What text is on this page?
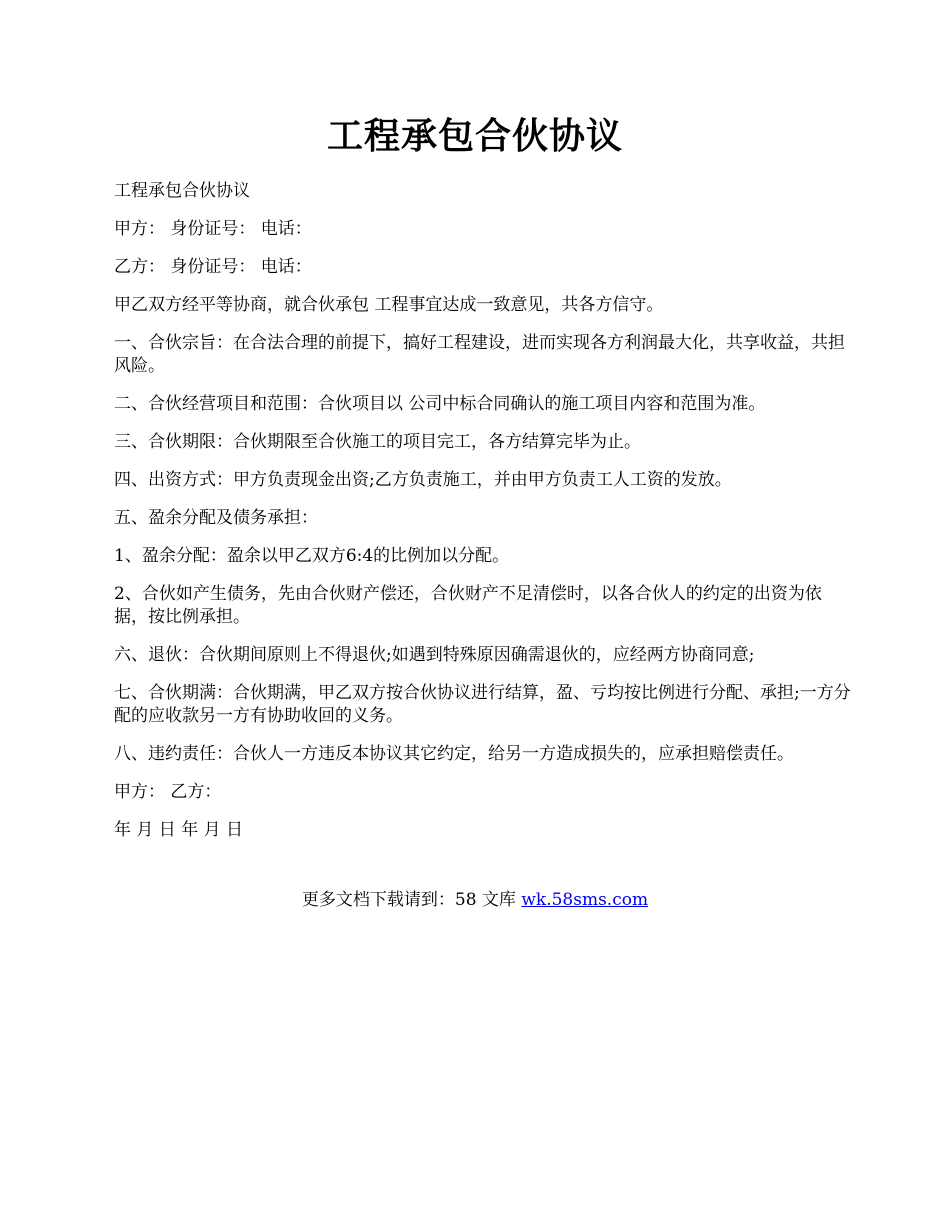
工程承包合伙协议

工程承包合伙协议

甲方： 身份证号： 电话：

乙方： 身份证号： 电话：

甲乙双方经平等协商，就合伙承包 工程事宜达成一致意见，共各方信守。

一、合伙宗旨：在合法合理的前提下，搞好工程建设，进而实现各方利润最大化，共享收益，共担风险。

二、合伙经营项目和范围：合伙项目以 公司中标合同确认的施工项目内容和范围为准。

三、合伙期限：合伙期限至合伙施工的项目完工，各方结算完毕为止。

四、出资方式：甲方负责现金出资;乙方负责施工，并由甲方负责工人工资的发放。

五、盈余分配及债务承担：

1、盈余分配：盈余以甲乙双方6:4的比例加以分配。

2、合伙如产生债务，先由合伙财产偿还，合伙财产不足清偿时，以各合伙人的约定的出资为依据，按比例承担。

六、退伙：合伙期间原则上不得退伙;如遇到特殊原因确需退伙的，应经两方协商同意;

七、合伙期满：合伙期满，甲乙双方按合伙协议进行结算，盈、亏均按比例进行分配、承担;一方分配的应收款另一方有协助收回的义务。

八、违约责任：合伙人一方违反本协议其它约定，给另一方造成损失的，应承担赔偿责任。

甲方： 乙方：

年 月 日 年 月 日

更多文档下载请到：58 文库 wk.58sms.com
